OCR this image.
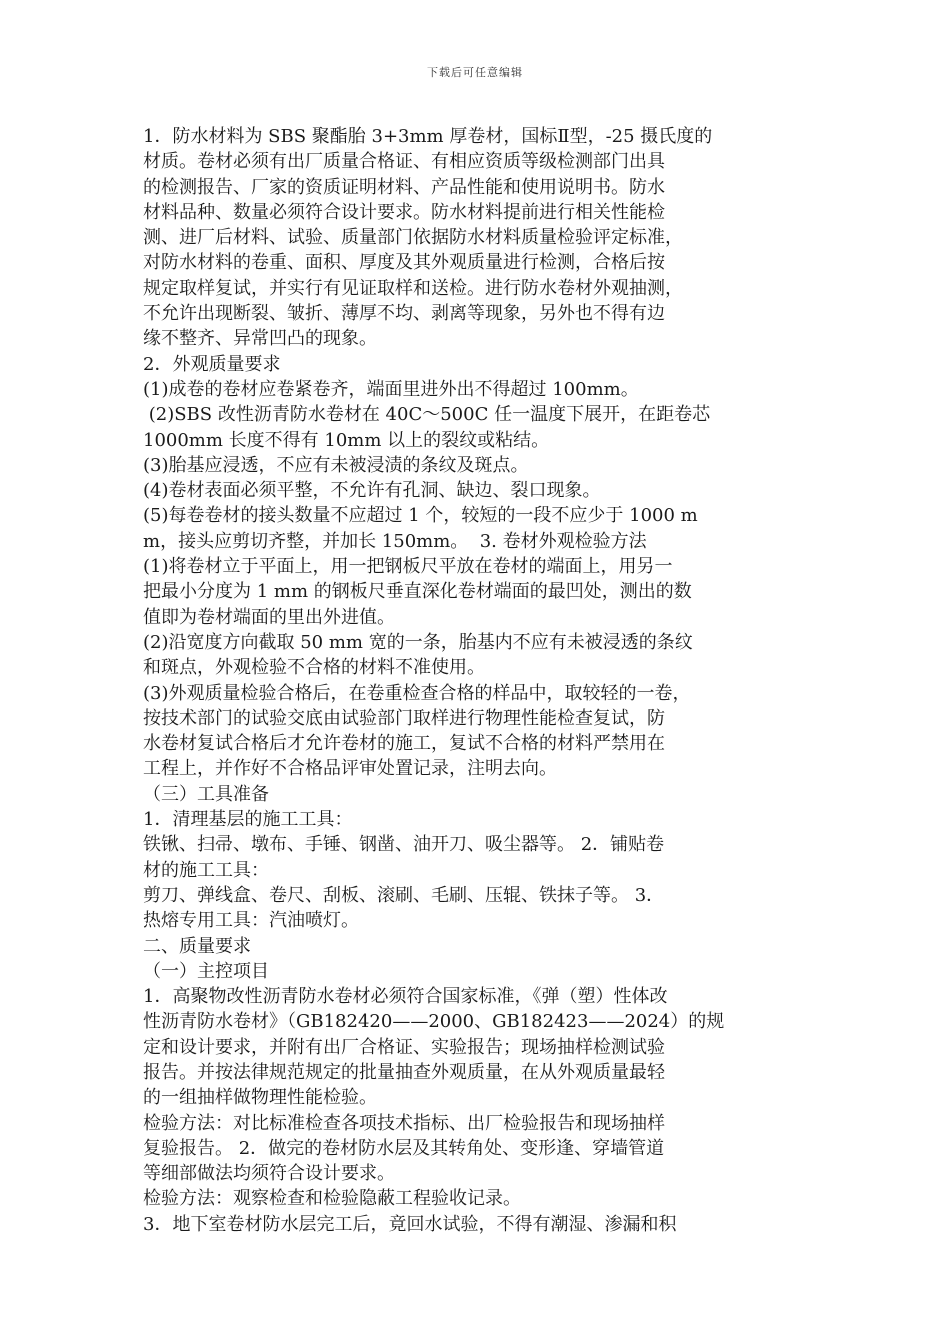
下载后可任意编辑
1．防水材料为 SBS 聚酯胎 3+3mm 厚卷材，国标Ⅱ型，-25 摄氏度的
材质。卷材必须有出厂质量合格证、有相应资质等级检测部门出具
的检测报告、厂家的资质证明材料、产品性能和使用说明书。防水
材料品种、数量必须符合设计要求。防水材料提前进行相关性能检
测、进厂后材料、试验、质量部门依据防水材料质量检验评定标准，
对防水材料的卷重、面积、厚度及其外观质量进行检测，合格后按
规定取样复试，并实行有见证取样和送检。进行防水卷材外观抽测，
不允许出现断裂、皱折、薄厚不均、剥离等现象，另外也不得有边
缘不整齐、异常凹凸的现象。
2．外观质量要求
(1)成卷的卷材应卷紧卷齐，端面里进外出不得超过 100mm。
(2)SBS 改性沥青防水卷材在 40C～500C 任一温度下展开，在距卷芯
1000mm 长度不得有 10mm 以上的裂纹或粘结。
(3)胎基应浸透，不应有未被浸渍的条纹及斑点。
(4)卷材表面必须平整，不允许有孔洞、缺边、裂口现象。
(5)每卷卷材的接头数量不应超过 1 个，较短的一段不应少于 1000 m
m，接头应剪切齐整，并加长 150mm。  3. 卷材外观检验方法
(1)将卷材立于平面上，用一把钢板尺平放在卷材的端面上，用另一
把最小分度为 1 mm 的钢板尺垂直深化卷材端面的最凹处，测出的数
值即为卷材端面的里出外进值。
(2)沿宽度方向截取 50 mm 宽的一条，胎基内不应有未被浸透的条纹
和斑点，外观检验不合格的材料不准使用。
(3)外观质量检验合格后，在卷重检查合格的样品中，取较轻的一卷，
按技术部门的试验交底由试验部门取样进行物理性能检查复试，防
水卷材复试合格后才允许卷材的施工，复试不合格的材料严禁用在
工程上，并作好不合格品评审处置记录，注明去向。
（三）工具准备
1．清理基层的施工工具：
铁锹、扫帚、墩布、手锤、钢凿、油开刀、吸尘器等。 2．铺贴卷
材的施工工具：
剪刀、弹线盒、卷尺、刮板、滚刷、毛刷、压辊、铁抹子等。 3．
热熔专用工具：汽油喷灯。
二、质量要求
（一）主控项目
1．高聚物改性沥青防水卷材必须符合国家标准，《弹（塑）性体改
性沥青防水卷材》（GB182420——2000、GB182423——2024）的规
定和设计要求，并附有出厂合格证、实验报告；现场抽样检测试验
报告。并按法律规范规定的批量抽查外观质量，在从外观质量最轻
的一组抽样做物理性能检验。
检验方法：对比标准检查各项技术指标、出厂检验报告和现场抽样
复验报告。 2．做完的卷材防水层及其转角处、变形逢、穿墙管道
等细部做法均须符合设计要求。
检验方法：观察检查和检验隐蔽工程验收记录。
3．地下室卷材防水层完工后，竟回水试验，不得有潮湿、渗漏和积
